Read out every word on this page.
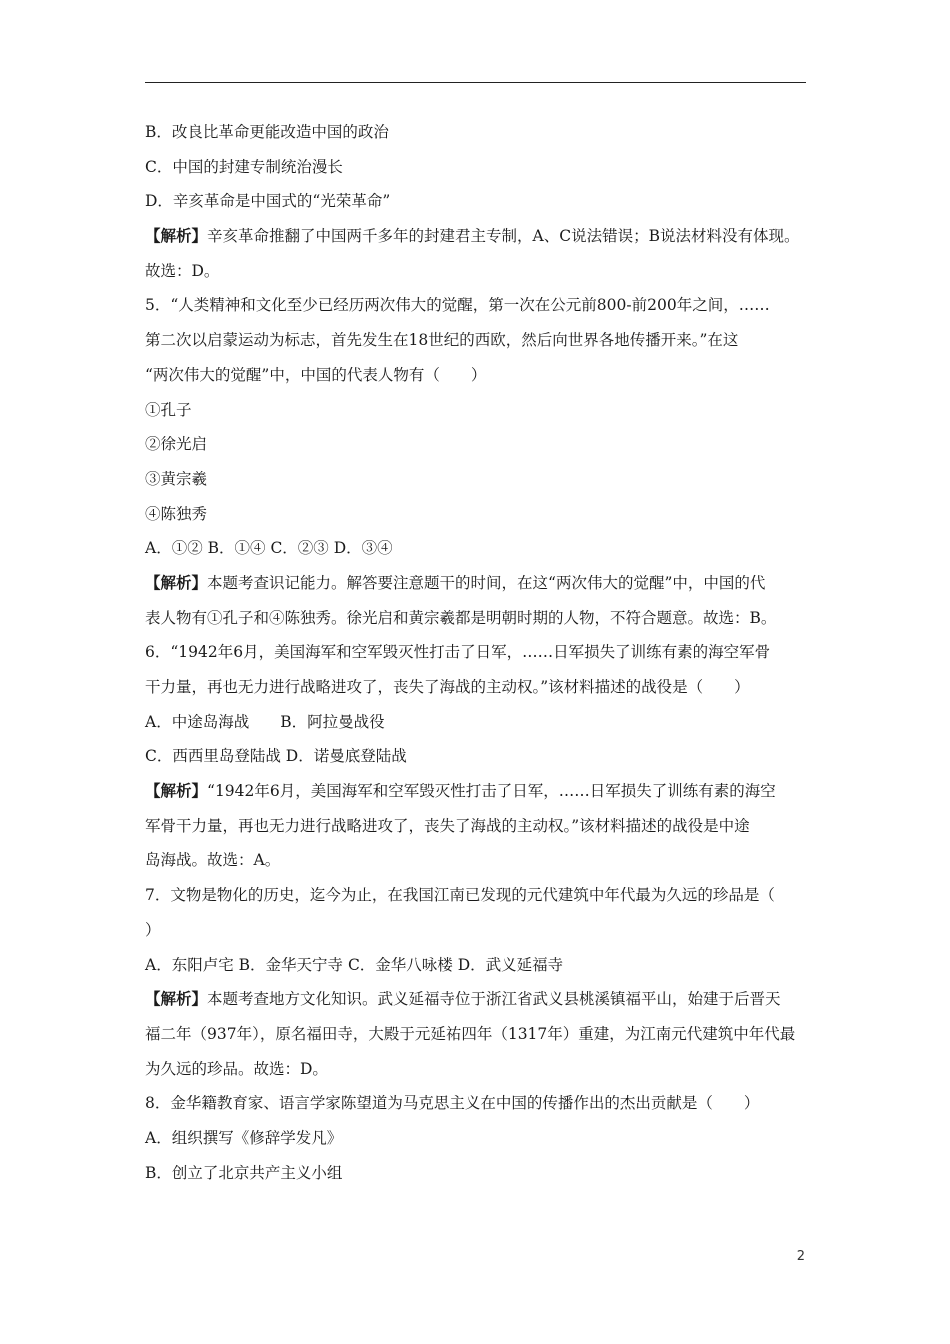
B．改良比革命更能改造中国的政治
C．中国的封建专制统治漫长
D．辛亥革命是中国式的“光荣革命”
【解析】辛亥革命推翻了中国两千多年的封建君主专制，A、C说法错误；B说法材料没有体现。
故选：D。
5．“人类精神和文化至少已经历两次伟大的觉醒，第一次在公元前800-前200年之间，……
第二次以启蒙运动为标志，首先发生在18世纪的西欧，然后向世界各地传播开来。”在这
“两次伟大的觉醒”中，中国的代表人物有（　　）
①孔子
②徐光启
③黄宗羲
④陈独秀
A．①② B．①④ C．②③ D．③④
【解析】本题考查识记能力。解答要注意题干的时间，在这“两次伟大的觉醒”中，中国的代
表人物有①孔子和④陈独秀。徐光启和黄宗羲都是明朝时期的人物，不符合题意。故选：B。
6．“1942年6月，美国海军和空军毁灭性打击了日军，……日军损失了训练有素的海空军骨
干力量，再也无力进行战略进攻了，丧失了海战的主动权。”该材料描述的战役是（　　）
A．中途岛海战　　B．阿拉曼战役
C．西西里岛登陆战 D．诺曼底登陆战
【解析】“1942年6月，美国海军和空军毁灭性打击了日军，……日军损失了训练有素的海空
军骨干力量，再也无力进行战略进攻了，丧失了海战的主动权。”该材料描述的战役是中途
岛海战。故选：A。
7．文物是物化的历史，迄今为止，在我国江南已发现的元代建筑中年代最为久远的珍品是（
）
A．东阳卢宅 B．金华天宁寺 C．金华八咏楼 D．武义延福寺
【解析】本题考查地方文化知识。武义延福寺位于浙江省武义县桃溪镇福平山，始建于后晋天
福二年（937年），原名福田寺，大殿于元延祐四年（1317年）重建，为江南元代建筑中年代最
为久远的珍品。故选：D。
8．金华籍教育家、语言学家陈望道为马克思主义在中国的传播作出的杰出贡献是（　　）
A．组织撰写《修辞学发凡》
B．创立了北京共产主义小组
2
